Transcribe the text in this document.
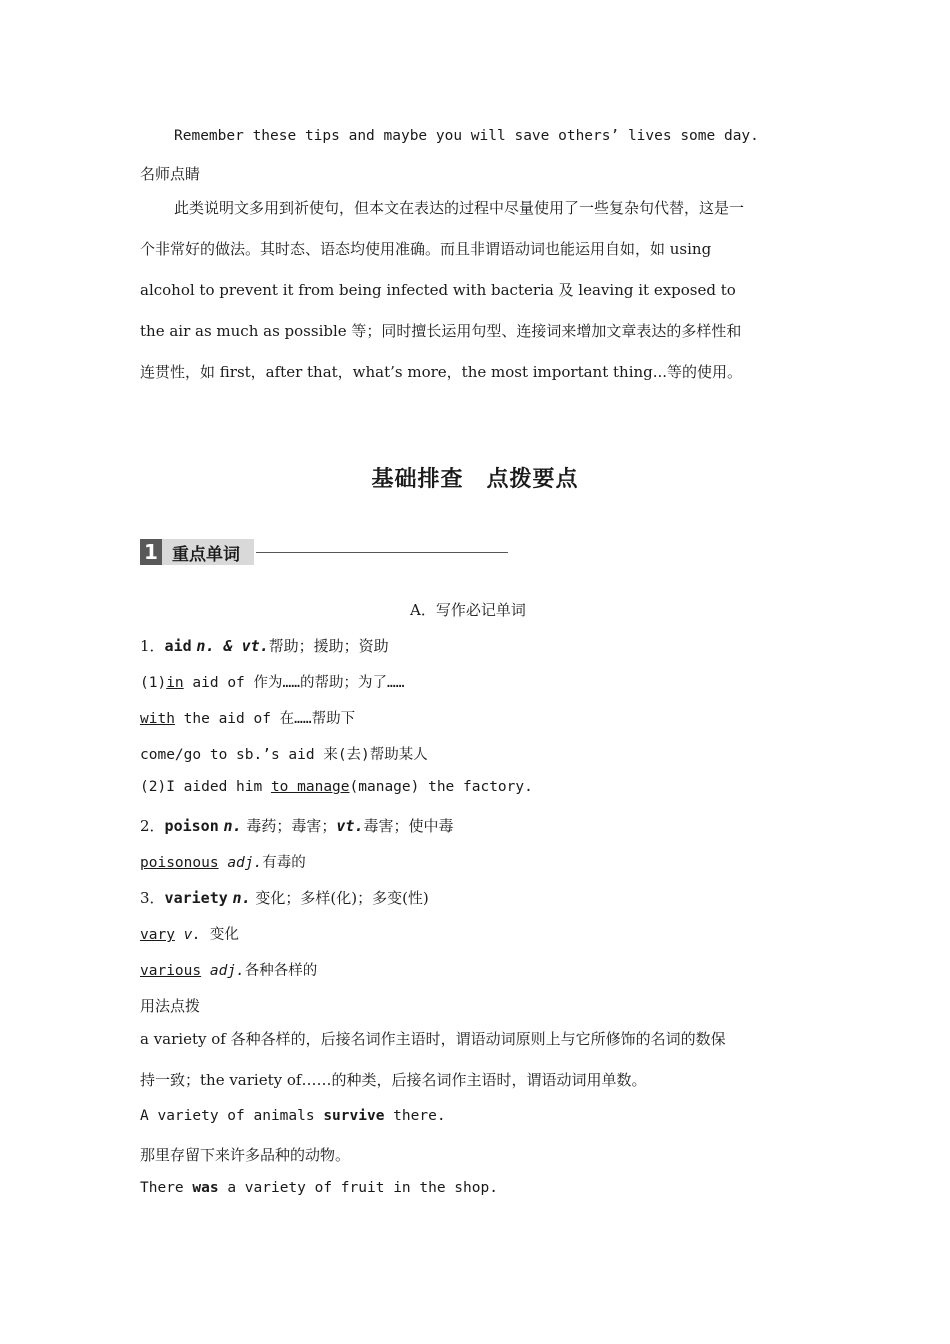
Remember these tips and maybe you will save others’ lives some day.
名师点睛

此类说明文多用到祈使句，但本文在表达的过程中尽量使用了一些复杂句代替，这是一

个非常好的做法。其时态、语态均使用准确。而且非谓语动词也能运用自如，如 using

alcohol to prevent it from being infected with bacteria 及 leaving it exposed to

the air as much as possible 等；同时擅长运用句型、连接词来增加文章表达的多样性和

连贯性，如 first，after that，what’s more，the most important thing...等的使用。

基础排查　点拨要点
1 重点单词
A．写作必记单词
1．aid n. & vt.帮助；援助；资助
(1)in aid of 作为……的帮助；为了……
with the aid of 在……帮助下
come/go to sb.’s aid 来(去)帮助某人
(2)I aided him to manage(manage) the factory.
2．poison n. 毒药；毒害；vt.毒害；使中毒
poisonous adj.有毒的
3．variety n. 变化；多样(化)；多变(性)
vary v. 变化
various adj.各种各样的
用法点拨

a variety of 各种各样的，后接名词作主语时，谓语动词原则上与它所修饰的名词的数保

持一致；the variety of……的种类，后接名词作主语时，谓语动词用单数。

A variety of animals survive there.
那里存留下来许多品种的动物。
There was a variety of fruit in the shop.
